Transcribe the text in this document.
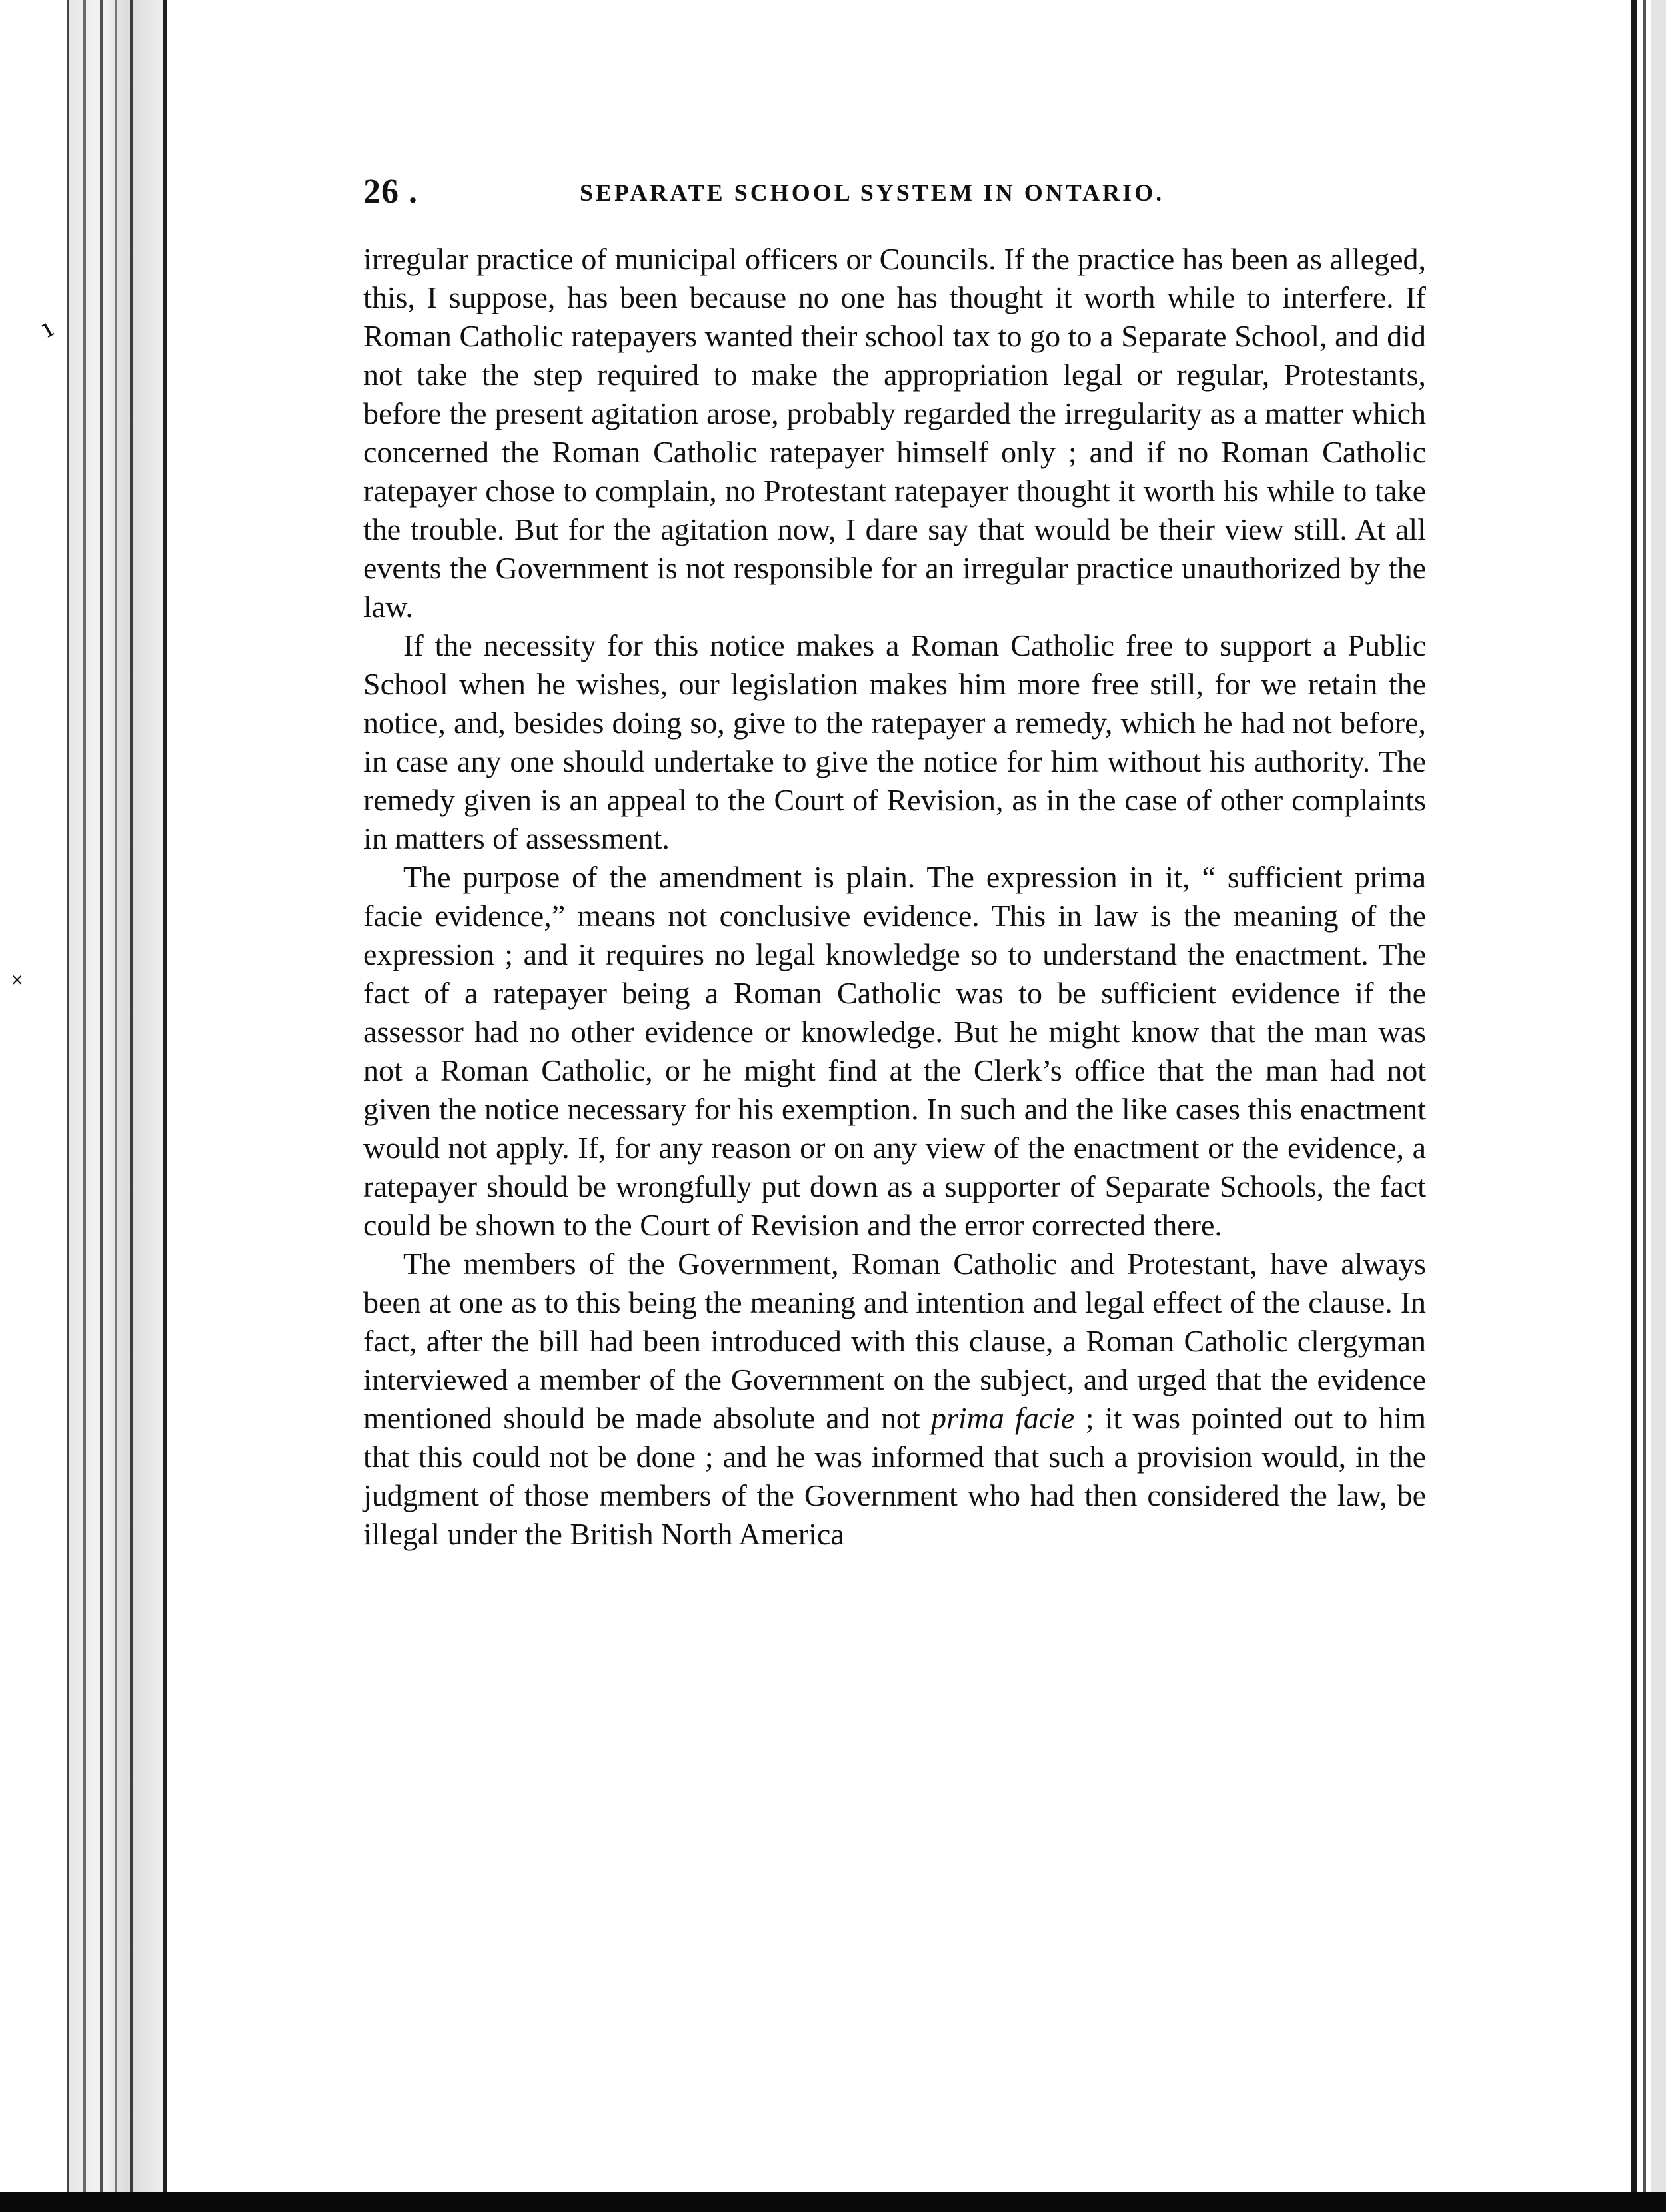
ı
˟
26 .	SEPARATE SCHOOL SYSTEM IN ONTARIO.

irregular practice of municipal officers or Councils. If the practice has been as alleged, this, I suppose, has been because no one has thought it worth while to interfere. If Roman Catholic ratepayers wanted their school tax to go to a Separate School, and did not take the step required to make the appropriation legal or regular, Protestants, before the present agitation arose, probably regarded the irregularity as a matter which concerned the Roman Catholic ratepayer himself only ; and if no Roman Catholic ratepayer chose to complain, no Protestant ratepayer thought it worth his while to take the trouble. But for the agitation now, I dare say that would be their view still. At all events the Government is not responsible for an irregular practice unauthorized by the law.

If the necessity for this notice makes a Roman Catholic free to support a Public School when he wishes, our legislation makes him more free still, for we retain the notice, and, besides doing so, give to the ratepayer a remedy, which he had not before, in case any one should undertake to give the notice for him without his authority. The remedy given is an appeal to the Court of Revision, as in the case of other complaints in matters of assessment.

The purpose of the amendment is plain. The expression in it, “ sufficient prima facie evidence,” means not conclusive evidence. This in law is the meaning of the expression ; and it requires no legal knowledge so to understand the enactment. The fact of a ratepayer being a Roman Catholic was to be sufficient evidence if the assessor had no other evidence or knowledge. But he might know that the man was not a Roman Catholic, or he might find at the Clerk’s office that the man had not given the notice necessary for his exemption. In such and the like cases this enactment would not apply. If, for any reason or on any view of the enactment or the evidence, a ratepayer should be wrongfully put down as a supporter of Separate Schools, the fact could be shown to the Court of Revision and the error corrected there.

The members of the Government, Roman Catholic and Protestant, have always been at one as to this being the meaning and intention and legal effect of the clause. In fact, after the bill had been introduced with this clause, a Roman Catholic clergyman interviewed a member of the Government on the subject, and urged that the evidence mentioned should be made absolute and not prima facie ; it was pointed out to him that this could not be done ; and he was informed that such a provision would, in the judgment of those members of the Government who had then considered the law, be illegal under the British North America
